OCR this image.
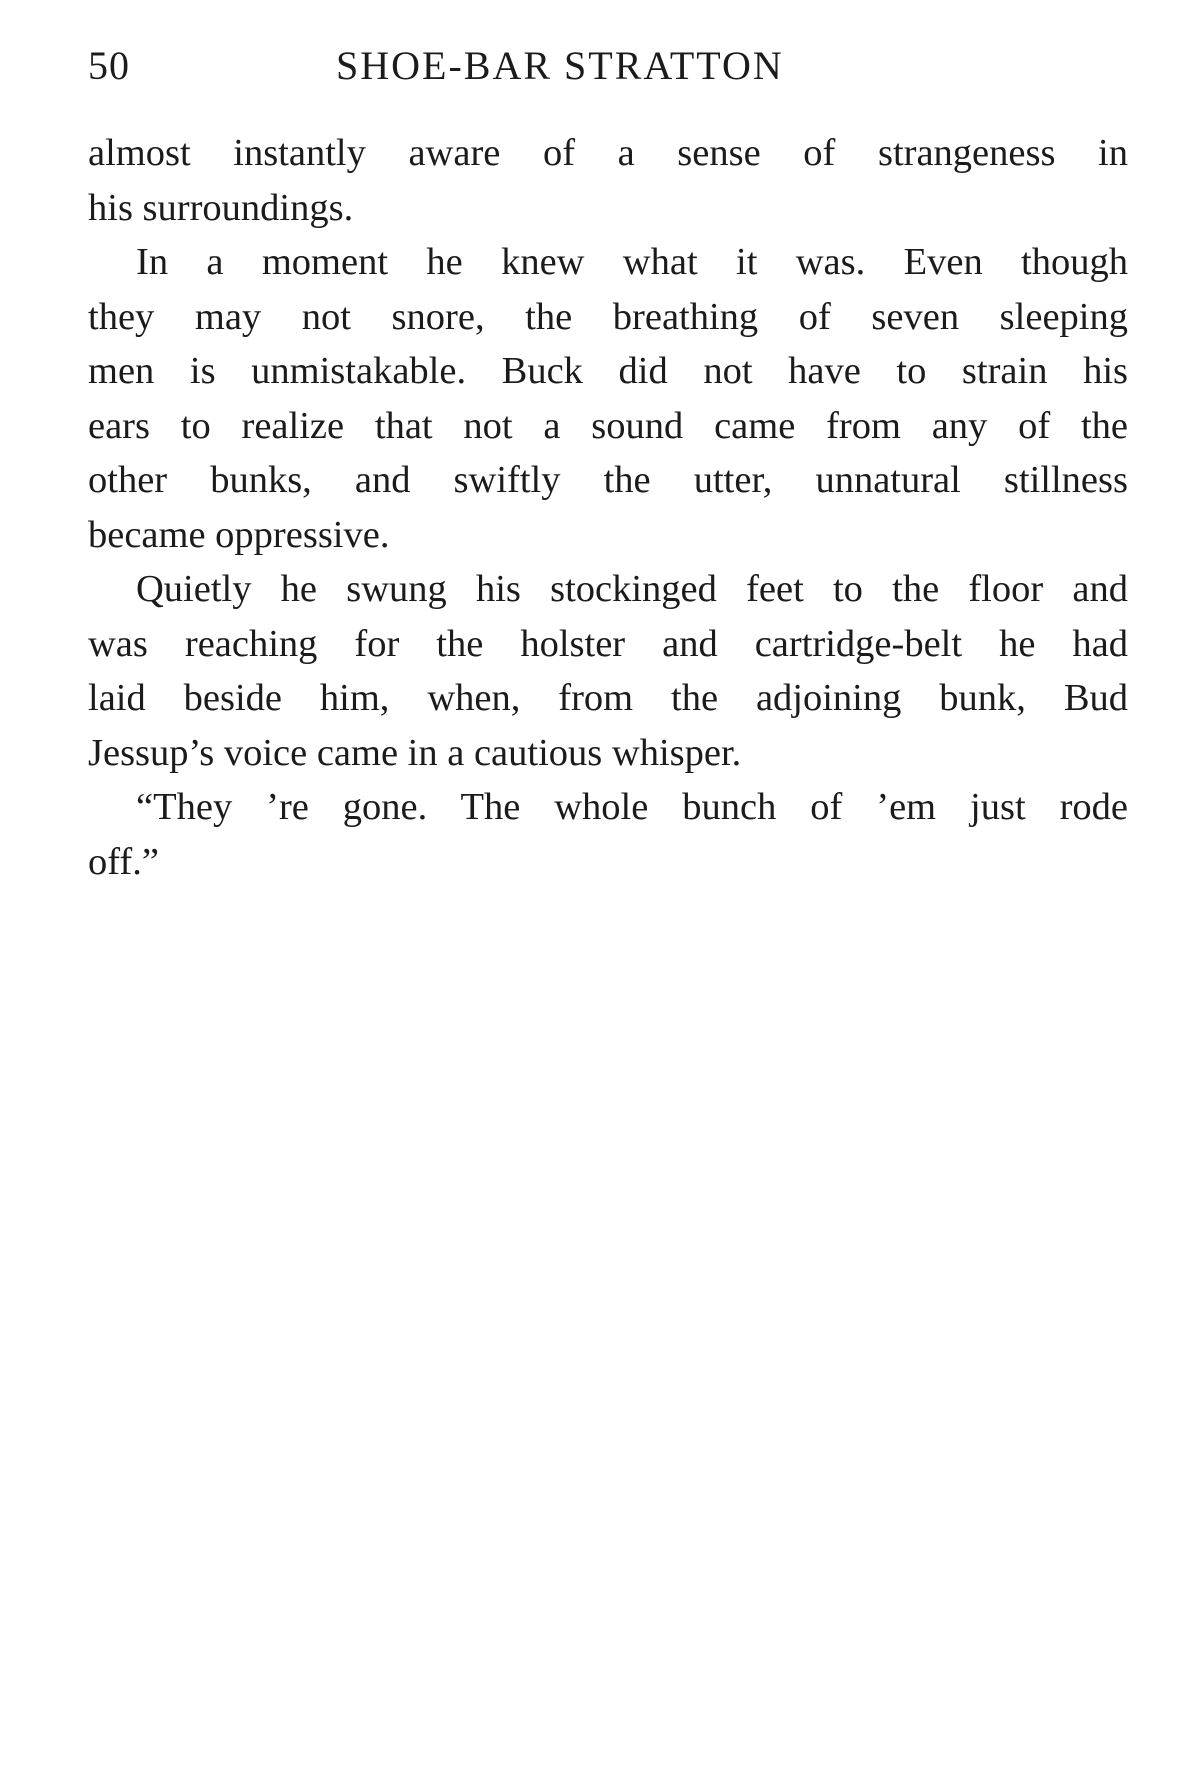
50	SHOE-BAR STRATTON
almost instantly aware of a sense of strangeness in
his surroundings.
In a moment he knew what it was. Even though
they may not snore, the breathing of seven sleeping
men is unmistakable. Buck did not have to strain his
ears to realize that not a sound came from any of the
other bunks, and swiftly the utter, unnatural stillness
became oppressive.
Quietly he swung his stockinged feet to the floor and
was reaching for the holster and cartridge-belt he had
laid beside him, when, from the adjoining bunk, Bud
Jessup’s voice came in a cautious whisper.
“They ’re gone. The whole bunch of ’em just rode
off.”
